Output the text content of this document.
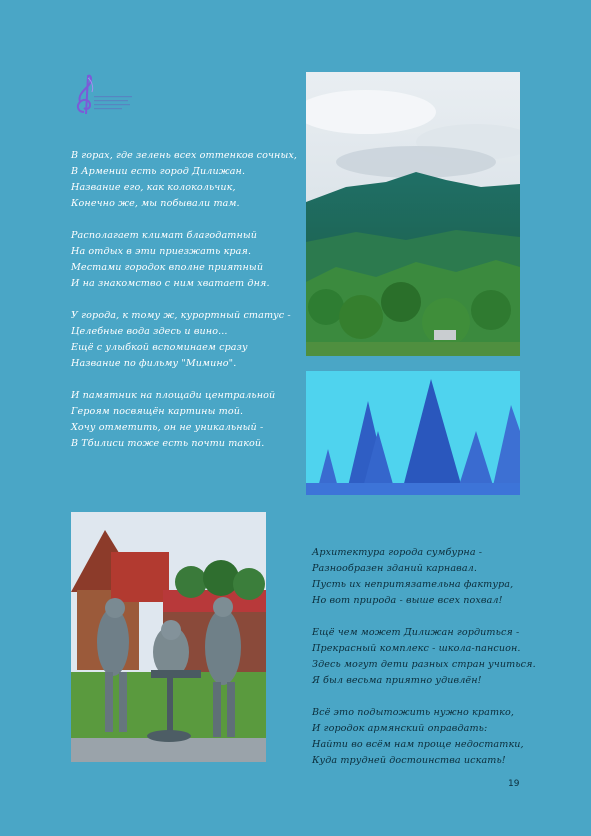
В горах, где зелень всех оттенков сочных,
В Армении есть город Дилижан.
Название его, как колокольчик,
Конечно же, мы побывали там.
Располагает климат благодатный
На отдых в эти приезжать края.
Местами городок вполне приятный
И на знакомство с ним хватает дня.
У города, к тому ж, курортный статус -
Целебные вода здесь и вино...
Ещё с улыбкой вспоминаем сразу
Название по фильму "Мимино".
И памятник на площади центральной
Героям посвящён картины той.
Хочу отметить, он не уникальный -
В Тбилиси тоже есть почти такой.
Архитектура города сумбурна -
Разнообразен зданий карнавал.
Пусть их непритязательна фактура,
Но вот природа - выше всех похвал!
Ещё чем может Дилижан гордиться -
Прекрасный комплекс - школа-пансион.
Здесь могут дети разных стран учиться.
Я был весьма приятно удивлён!
Всё это подытожить нужно кратко,
И городок армянский оправдать:
Найти во всём нам проще недостатки,
Куда трудней достоинства искать!
19
